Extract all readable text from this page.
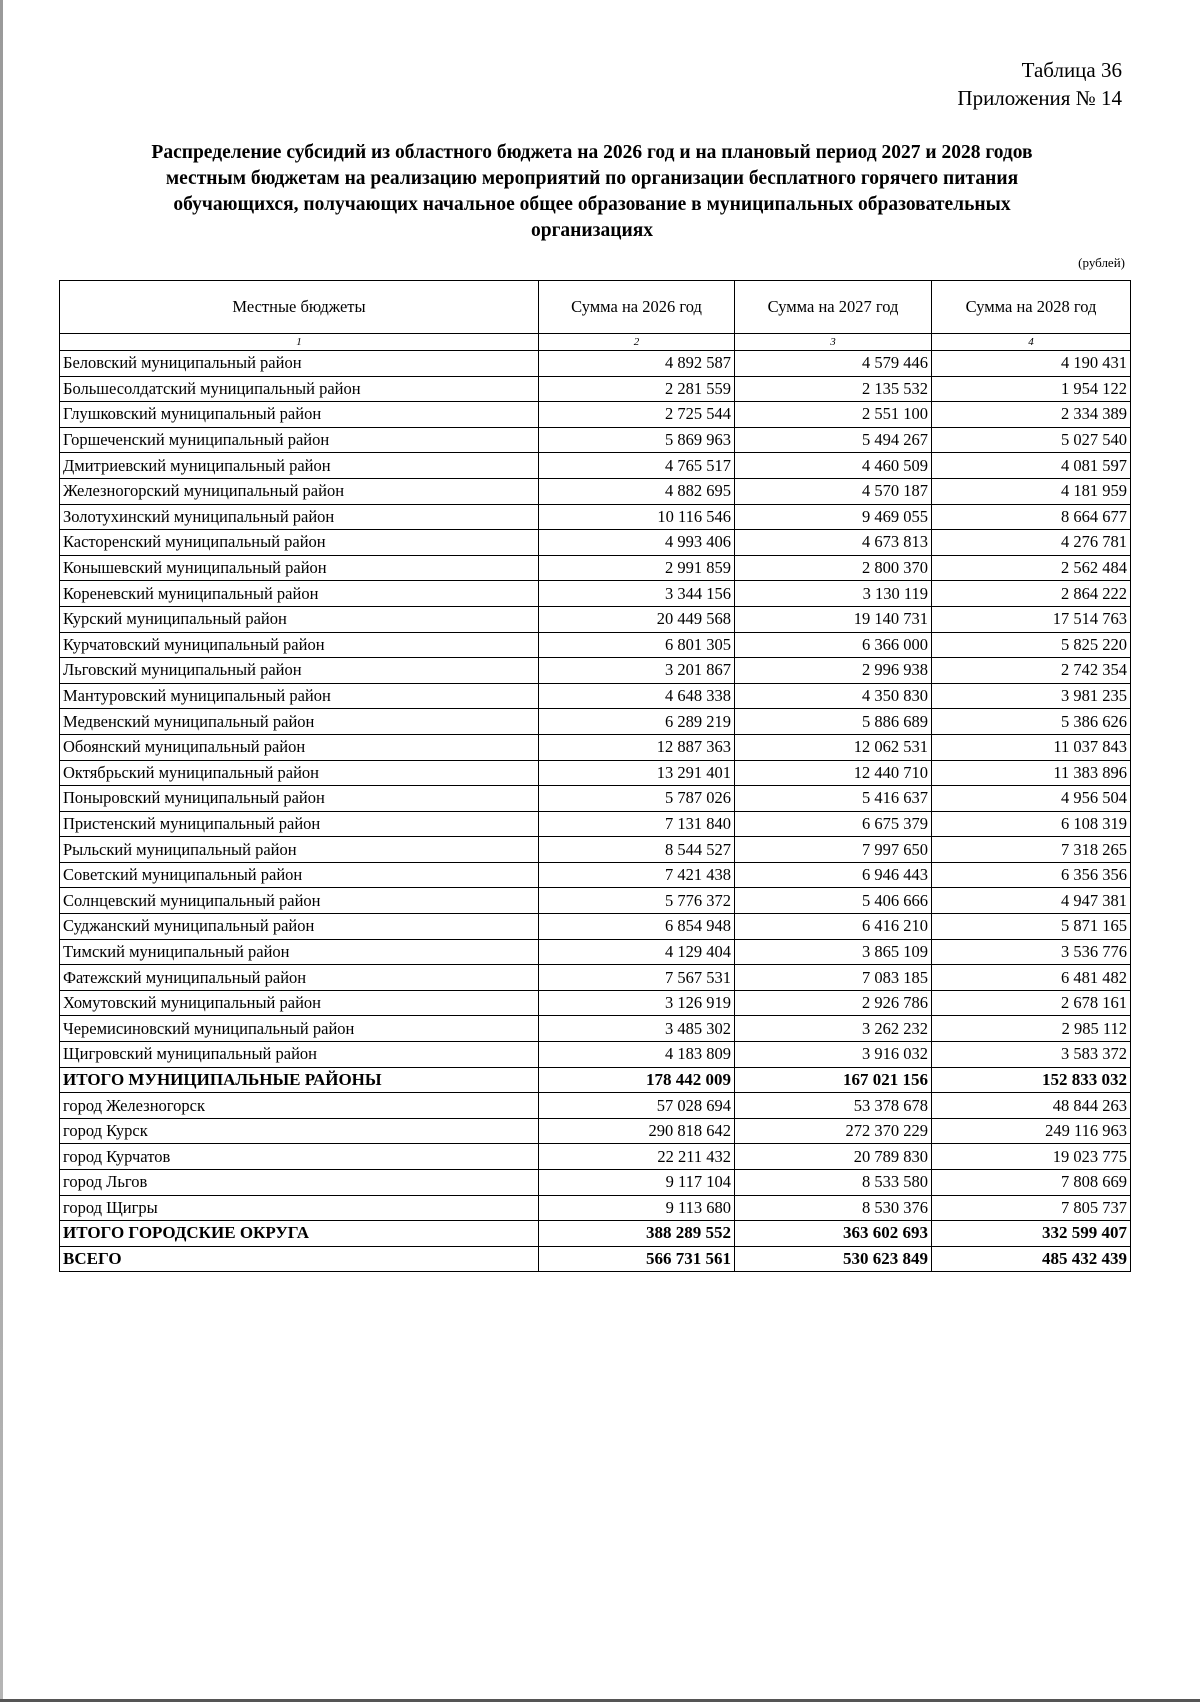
Таблица 36
Приложения № 14
Распределение субсидий из областного бюджета на 2026 год и на плановый период 2027 и 2028 годов
местным бюджетам на реализацию мероприятий по организации бесплатного горячего питания
обучающихся, получающих начальное общее образование в муниципальных образовательных
организациях
(рублей)
Местные бюджеты	Сумма на 2026 год	Сумма на 2027 год	Сумма на 2028 год
1	2	3	4
Беловский муниципальный район	4 892 587	4 579 446	4 190 431
Большесолдатский муниципальный район	2 281 559	2 135 532	1 954 122
Глушковский муниципальный район	2 725 544	2 551 100	2 334 389
Горшеченский муниципальный район	5 869 963	5 494 267	5 027 540
Дмитриевский муниципальный район	4 765 517	4 460 509	4 081 597
Железногорский муниципальный район	4 882 695	4 570 187	4 181 959
Золотухинский муниципальный район	10 116 546	9 469 055	8 664 677
Касторенский муниципальный район	4 993 406	4 673 813	4 276 781
Конышевский муниципальный район	2 991 859	2 800 370	2 562 484
Кореневский муниципальный район	3 344 156	3 130 119	2 864 222
Курский муниципальный район	20 449 568	19 140 731	17 514 763
Курчатовский муниципальный район	6 801 305	6 366 000	5 825 220
Льговский муниципальный район	3 201 867	2 996 938	2 742 354
Мантуровский муниципальный район	4 648 338	4 350 830	3 981 235
Медвенский муниципальный район	6 289 219	5 886 689	5 386 626
Обоянский муниципальный район	12 887 363	12 062 531	11 037 843
Октябрьский муниципальный район	13 291 401	12 440 710	11 383 896
Поныровский муниципальный район	5 787 026	5 416 637	4 956 504
Пристенский муниципальный район	7 131 840	6 675 379	6 108 319
Рыльский муниципальный район	8 544 527	7 997 650	7 318 265
Советский муниципальный район	7 421 438	6 946 443	6 356 356
Солнцевский муниципальный район	5 776 372	5 406 666	4 947 381
Суджанский муниципальный район	6 854 948	6 416 210	5 871 165
Тимский муниципальный район	4 129 404	3 865 109	3 536 776
Фатежский муниципальный район	7 567 531	7 083 185	6 481 482
Хомутовский муниципальный район	3 126 919	2 926 786	2 678 161
Черемисиновский муниципальный район	3 485 302	3 262 232	2 985 112
Щигровский муниципальный район	4 183 809	3 916 032	3 583 372
ИТОГО МУНИЦИПАЛЬНЫЕ РАЙОНЫ	178 442 009	167 021 156	152 833 032
город Железногорск	57 028 694	53 378 678	48 844 263
город Курск	290 818 642	272 370 229	249 116 963
город Курчатов	22 211 432	20 789 830	19 023 775
город Льгов	9 117 104	8 533 580	7 808 669
город Щигры	9 113 680	8 530 376	7 805 737
ИТОГО ГОРОДСКИЕ ОКРУГА	388 289 552	363 602 693	332 599 407
ВСЕГО	566 731 561	530 623 849	485 432 439
